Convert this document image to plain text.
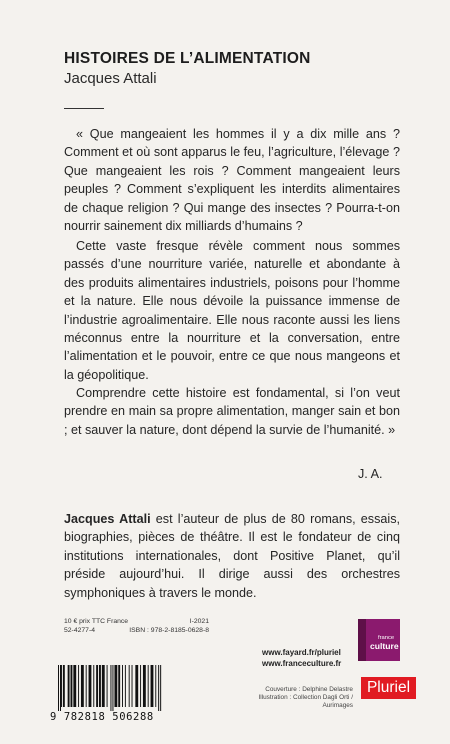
HISTOIRES DE L’ALIMENTATION
Jacques Attali

« Que mangeaient les hommes il y a dix mille ans ? Comment et où sont apparus le feu, l’agriculture, l’élevage ? Que mangeaient les rois ? Comment mangeaient leurs peuples ? Comment s’expliquent les interdits alimentaires de chaque religion ? Qui mange des insectes ? Pourra-t-on nourrir sainement dix milliards d’humains ?

Cette vaste fresque révèle comment nous sommes passés d’une nourriture variée, naturelle et abondante à des produits alimentaires industriels, poisons pour l’homme et la nature. Elle nous dévoile la puissance immense de l’industrie agroalimentaire. Elle nous raconte aussi les liens méconnus entre la nourriture et la conversation, entre l’alimentation et le pouvoir, entre ce que nous mangeons et la géopolitique.

Comprendre cette histoire est fondamental, si l’on veut prendre en main sa propre alimentation, manger sain et bon ; et sauver la nature, dont dépend la survie de l’humanité. »

J. A.
Jacques Attali est l’auteur de plus de 80 romans, essais, biographies, pièces de théâtre. Il est le fondateur de cinq institutions internationales, dont Positive Planet, qu’il préside aujourd’hui. Il dirige aussi des orchestres symphoniques à travers le monde.
10 € prix TTC France	I-2021
52-4277-4	ISBN : 978-2-8185-0628-8
www.fayard.fr/pluriel
www.franceculture.fr
france
culture
9 782818 506288
Couverture : Delphine Delastre
Illustration : Collection Dagli Orti /
Aurimages
Pluriel
